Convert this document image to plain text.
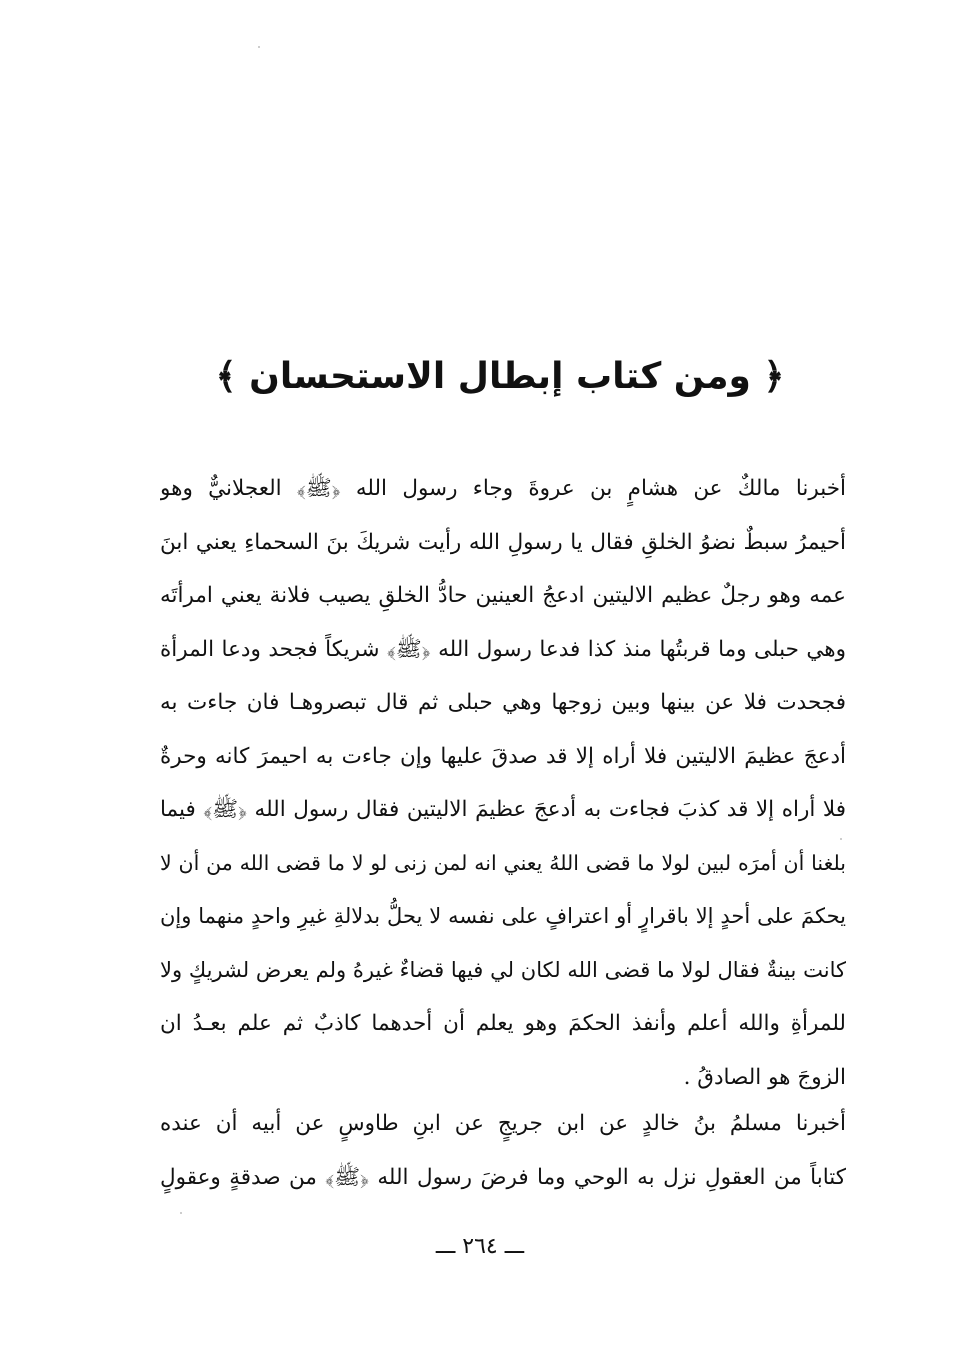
﴿ ومن كتاب إبطال الاستحسان ﴾
أخبرنا مالكٌ عن هشامٍ بن عروةَ وجاء رسول الله ﴿ﷺ﴾ العجلانيٌّ وهو
أحيمرُ سبطٌ نضوُ الخلقِ فقال يا رسولِ الله رأيت شريكَ بنَ السحماءِ يعني ابنَ
عمه وهو رجلٌ عظيم الاليتين ادعجُ العينين حادُّ الخلقِ يصيب فلانة يعني امرأتَه
وهي حبلى وما قربتُها منذ كذا فدعا رسول الله ﴿ﷺ﴾ شريكاً فجحد ودعا المرأة
فجحدت فلا عن بينها وبين زوجها وهي حبلى ثم قال تبصروهـا فان جاءت به
أدعجَ عظيمَ الاليتين فلا أراه إلا قد صدقَ عليها وإن جاءت به احيمرَ كانه وحرةٌ
فلا أراه إلا قد كذبَ فجاءت به أدعجَ عظيمَ الاليتين فقال رسول الله ﴿ﷺ﴾ فيما
بلغنا أن أمرَه لبين لولا ما قضى اللهُ يعني انه لمن زنى لو لا ما قضى الله من أن لا
يحكمَ على أحدٍ إلا باقرارٍ أو اعترافٍ على نفسه لا يحلُّ بدلالةِ غيرِ واحدٍ منهما وإن
كانت بينةٌ فقال لولا ما قضى الله لكان لي فيها قضاءٌ غيرهُ ولم يعرض لشريكٍ ولا
للمرأةِ والله أعلم وأنفذ الحكمَ وهو يعلم أن أحدهما كاذبٌ ثم علم بعـدُ ان
الزوجَ هو الصادقُ .
أخبرنا مسلمُ بنُ خالدٍ عن ابن جريجٍ عن ابنِ طاوسٍ عن أبيه أن عنده
كتاباً من العقولِ نزل به الوحي وما فرضَ رسول الله ﴿ﷺ﴾ من صدقةٍ وعقولٍ
ـــ ٢٦٤ ـــ
